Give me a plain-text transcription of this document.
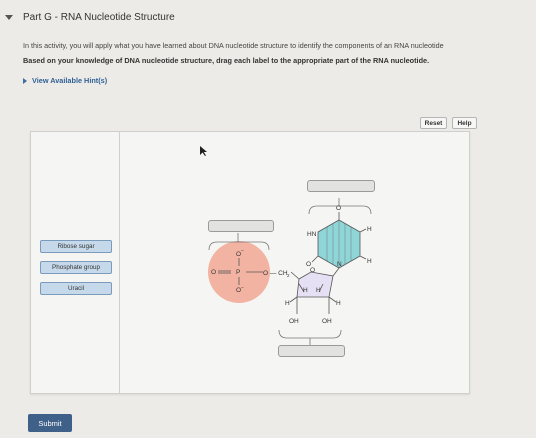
Part G - RNA Nucleotide Structure
In this activity, you will apply what you have learned about DNA nucleotide structure to identify the components of an RNA nucleotide
Based on your knowledge of DNA nucleotide structure, drag each label to the appropriate part of the RNA nucleotide.
View Available Hint(s)
Reset	Help
Ribose sugar
Phosphate group
Uracil
O −
O	P
O −
O — CH 2
O
H
H H
H
OH	OH
HN
O
O	N
H
H
Submit
